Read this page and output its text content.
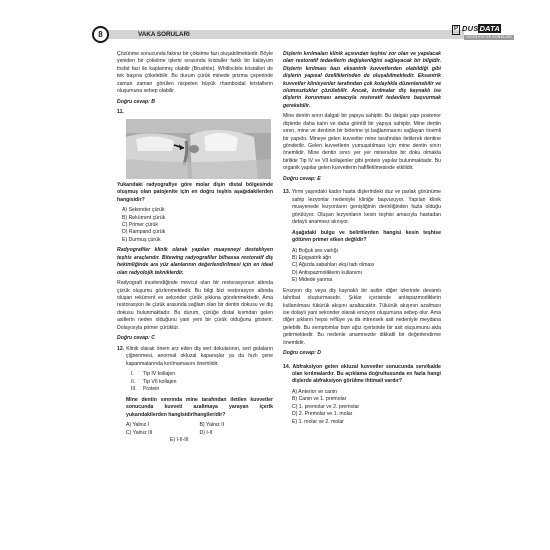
8	VAKA SORULARI
P DUSDATA
YAYIN EVİ VE KURSLARI

Çözünme sonucunda fakirar bir çökelme fazı oluşabilmektedir. Böyle yeniden bir çökelme işlemi sırasında kristaller farklı bir kalsiyum fosfat fazı ile kaplanmış olabilir (Brushite). Whitlockite kristalleri de tek başına çökelebilir. Bu durum çürük minede prizma çeperinde zaman zaman görülen nispeten büyük rhamboidal kristallerin oluşumuna sebep olabilir.

Doğru cevap: B

11.

Yukarıdaki radyografiye göre molar dişin distal bölgesinde oluşmuş olan patojenite için en doğru teşhis aşağıdakilerden hangisidir?

A) Sekonder çürük

B) Rekürrent çürük

C) Primer çürük

D) Rampand çürük

E) Durmuş çürük

Radyografiler klinik olarak yapılan muayeneyi desteklıyen teşhis araçlarıdır. Bitewing radyografiler bilhassa restoratif diş hekimliğinde ara yüz alanlarının değerlendirilmesi için en ideal olan radyolojik tekniklerdir.

Radyografi incelendiğinde mevcut olan bir restorasyonun altında çürük oluşumu gözlenmektedir. Bu bilgi bizi restorasyon altında oluşan rekürrent ve sekonder çürük şıkkına göndermektedir. Ama restorasyon ile çürük arasında sağlam olan bir dentin dokusu ve diş dokusu bulunmaktadır. Bu durum, çürüğe distal kısmdan gelen asitlerin neden olduğunu yani yeni bir çürük olduğunu gösterir. Dolayısıyla primer çürüktür.

Doğru cevap: C

12. Klinik olarak önem arz eden diş sert dokularının, sert gıdaların çiğnenmesi, anormal okluzal kapanışlar ya da hızlı çene kapanmalarında kırılmamasını önemlidir.

I. Tip IV kollajen

II. Tip VII kollajen

III. Protein

Mine dentin sınırında mine tarafından iletilen kuvvetler sonucunda kuvveti azaltmaya yarayan içerik yukarıdakilerden hangisidir/hangileridir?

A) Yalnız I	B) Yalnız II
C) Yalnız III	D) I-II
E) I-II-III

Dişlerin kırılmaları klinik açısından teşhisi zor olan ve yapılacak olan restoratif tedavilerin değişkenliğini sağlayacak bir bilgidir. Dişlerin kırılması bazı eksantrik kuvvetlerden olabildiği gibi dişlerin yapısal özelliklerinden de oluşabilmektedir. Eksantrik kuvvetler klinisyenler tarafından çok kolaylıkla düzenlenebilir ve olumsuzluklar çözülebilir. Ancak, kırılmalar diş kaynaklı ise dişlerin korunması amacıyla restoratif tedavilere başvurmak gerekebilir.

Mine dentin sınırı dalgalı bir yapıya sahiptir. Bu dalgalı yapı posterior dişlerde daha kalın ve daha girintili bir yapıya sahiptir. Mine dentin sınırı, mine ve dentinin bir birlerine iyi bağlanmasını sağlayan önemli bir yapıdır. Mineye gelen kuvvetler mine tarafından iletilerek dentine gönderilir. Gelen kuvvetlerin yumuşatılması için mine dentin sınırı önemlidir. Mine dentin sınırı yer yer mineralize bir doku olmakla birlikte Tip IV ve VII kollajenler gibi protein yapılar bulunmaktadır. Bu organik yapılar gelen kuvvetlerin hafifletilmesinde etkilidir.

Doğru cevap: E

13. Yirmi yaşındaki kadın hasta dişlerindeki duz ve parlak görünüme sahip lezyonlar nedeniyle kliniğe başvuruyor. Yapılan klinik muayenede lezyonların genişliğinin derinliğinden fazla olduğu görülüyor. Oluşan lezyonların kesin teşhisi amacıyla hastadan detaylı anamnez alınıyor.

Aşağıdaki bulgu ve belirtilerden hangisi kesin teşhise götüren primer etken değildir?

A) Boğuk ses varlığı

B) Epigastrik ağrı

C) Ağızda sabahları ekşi tadı olması

D) Antispazmoliklerin kullanımı

E) Midede yanma

Erozyon diş veya diş kaynaklı bir asitin diğer izlerinde devamlı tahribat oluşturmasıdır. Şıklar içerisinde antispazmodiklerin kullanılması tükürük akışını azaltacaktır. Tükürük akışının azalması ise dolaylı yani sekonder olarak erozyon oluşumuna sebep olur. Ama diğer şıkların hepsi reflüye ya da intrensek asit nedeniyle meydana gelebilir. Bu semptomlar bize ağız içerisinde bir asit oluşumunu akla getirmektedir. Bu nedenle anamnezde dikkatli bir değerlendirme önemlidir.

Doğru cevap: D

14. Abfraksiyon gelen okluzal kuvvetler sonucunda servikalde olan kırılmalardır. Bu açıklama doğrultusunda en fazla hangi dişlerde abfraksiyon görülme ihtimali vardır?

A) Anterior ve canin

B) Canin ve 1. premolar

C) 1. premolar ve 2. premolar

D) 2. Premolar ve 1. molar

E) 1. molar ve 2. molar
